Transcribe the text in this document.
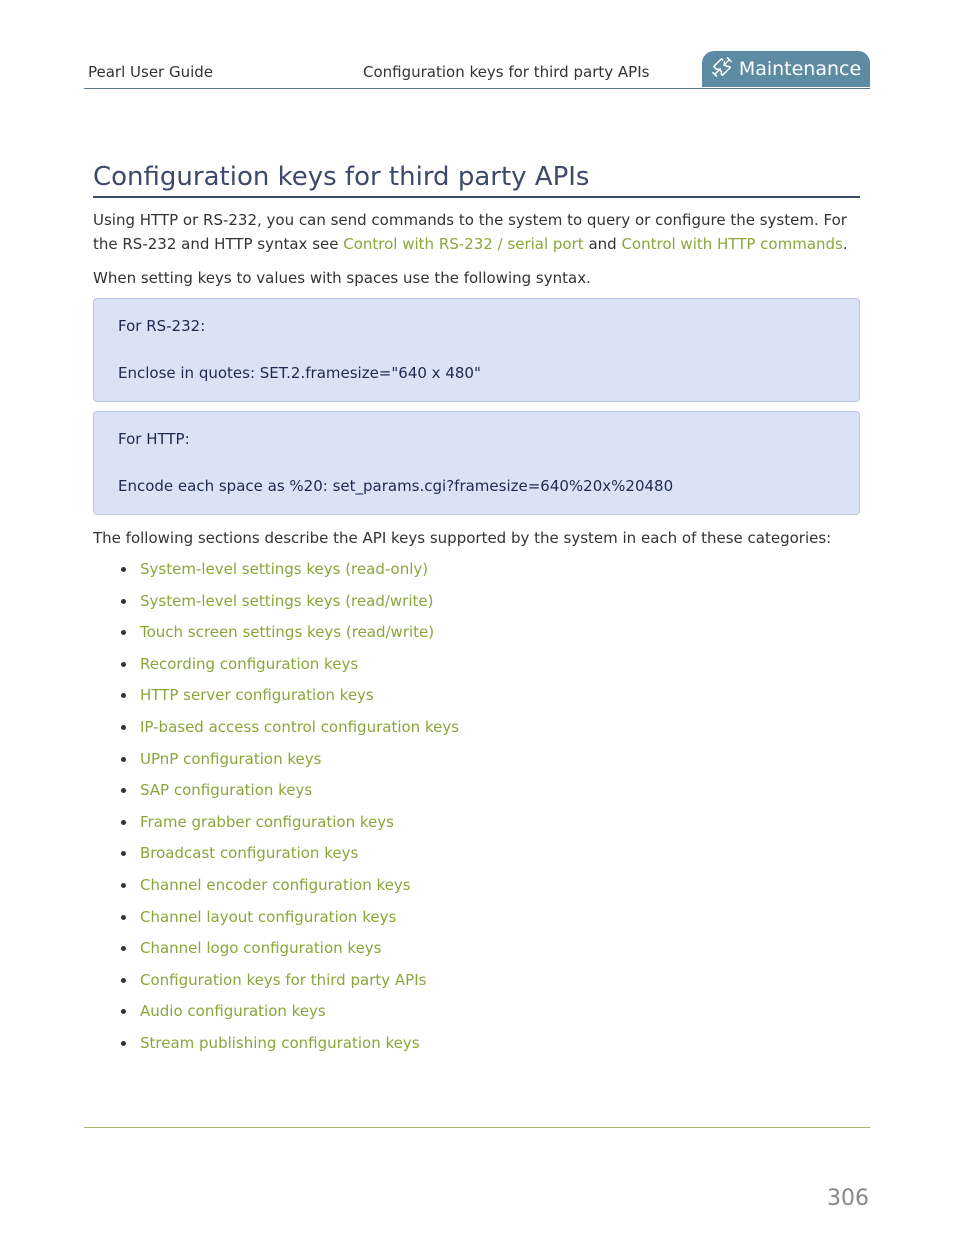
Pearl User Guide	Configuration keys for third party APIs	Maintenance
Configuration keys for third party APIs

Using HTTP or RS-232, you can send commands to the system to query or configure the system. For the RS-232 and HTTP syntax see Control with RS-232 / serial port and Control with HTTP commands.

When setting keys to values with spaces use the following syntax.

For RS-232:
Enclose in quotes: SET.2.framesize="640 x 480"
For HTTP:
Encode each space as %20: set_params.cgi?framesize=640%20x%20480

The following sections describe the API keys supported by the system in each of these categories:

System-level settings keys (read-only)
System-level settings keys (read/write)
Touch screen settings keys (read/write)
Recording configuration keys
HTTP server configuration keys
IP-based access control configuration keys
UPnP configuration keys
SAP configuration keys
Frame grabber configuration keys
Broadcast configuration keys
Channel encoder configuration keys
Channel layout configuration keys
Channel logo configuration keys
Configuration keys for third party APIs
Audio configuration keys
Stream publishing configuration keys
306
